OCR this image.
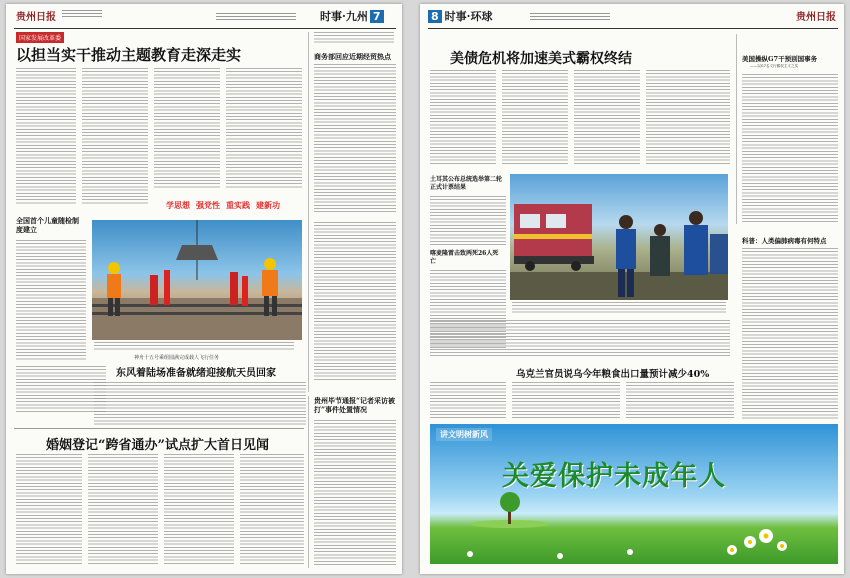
贵州日报	时事·九州 7
国家发展改革委
以担当实干推动主题教育走深走实	商务部回应近期经贸热点
学思想 强党性 重实践 建新功
全国首个儿童随检制度建立
神舟十五号乘组圆满完成载人飞行任务
东风着陆场准备就绪迎接航天员回家
婚姻登记“跨省通办”试点扩大首日见闻
贵州毕节通报“记者采访被打”事件处置情况
8 时事·环球	贵州日报
美债危机将加速美式霸权终结	美国操纵G7干预别国事务
——以G7名义行霸权主义之实
土耳其公布总统选举第二轮正式计票结果
喀麦隆雷击致两死26人死亡
科普：人类偏肺病毒有何特点
乌克兰官员说乌今年粮食出口量预计减少40%
讲文明树新风
关爱保护未成年人
